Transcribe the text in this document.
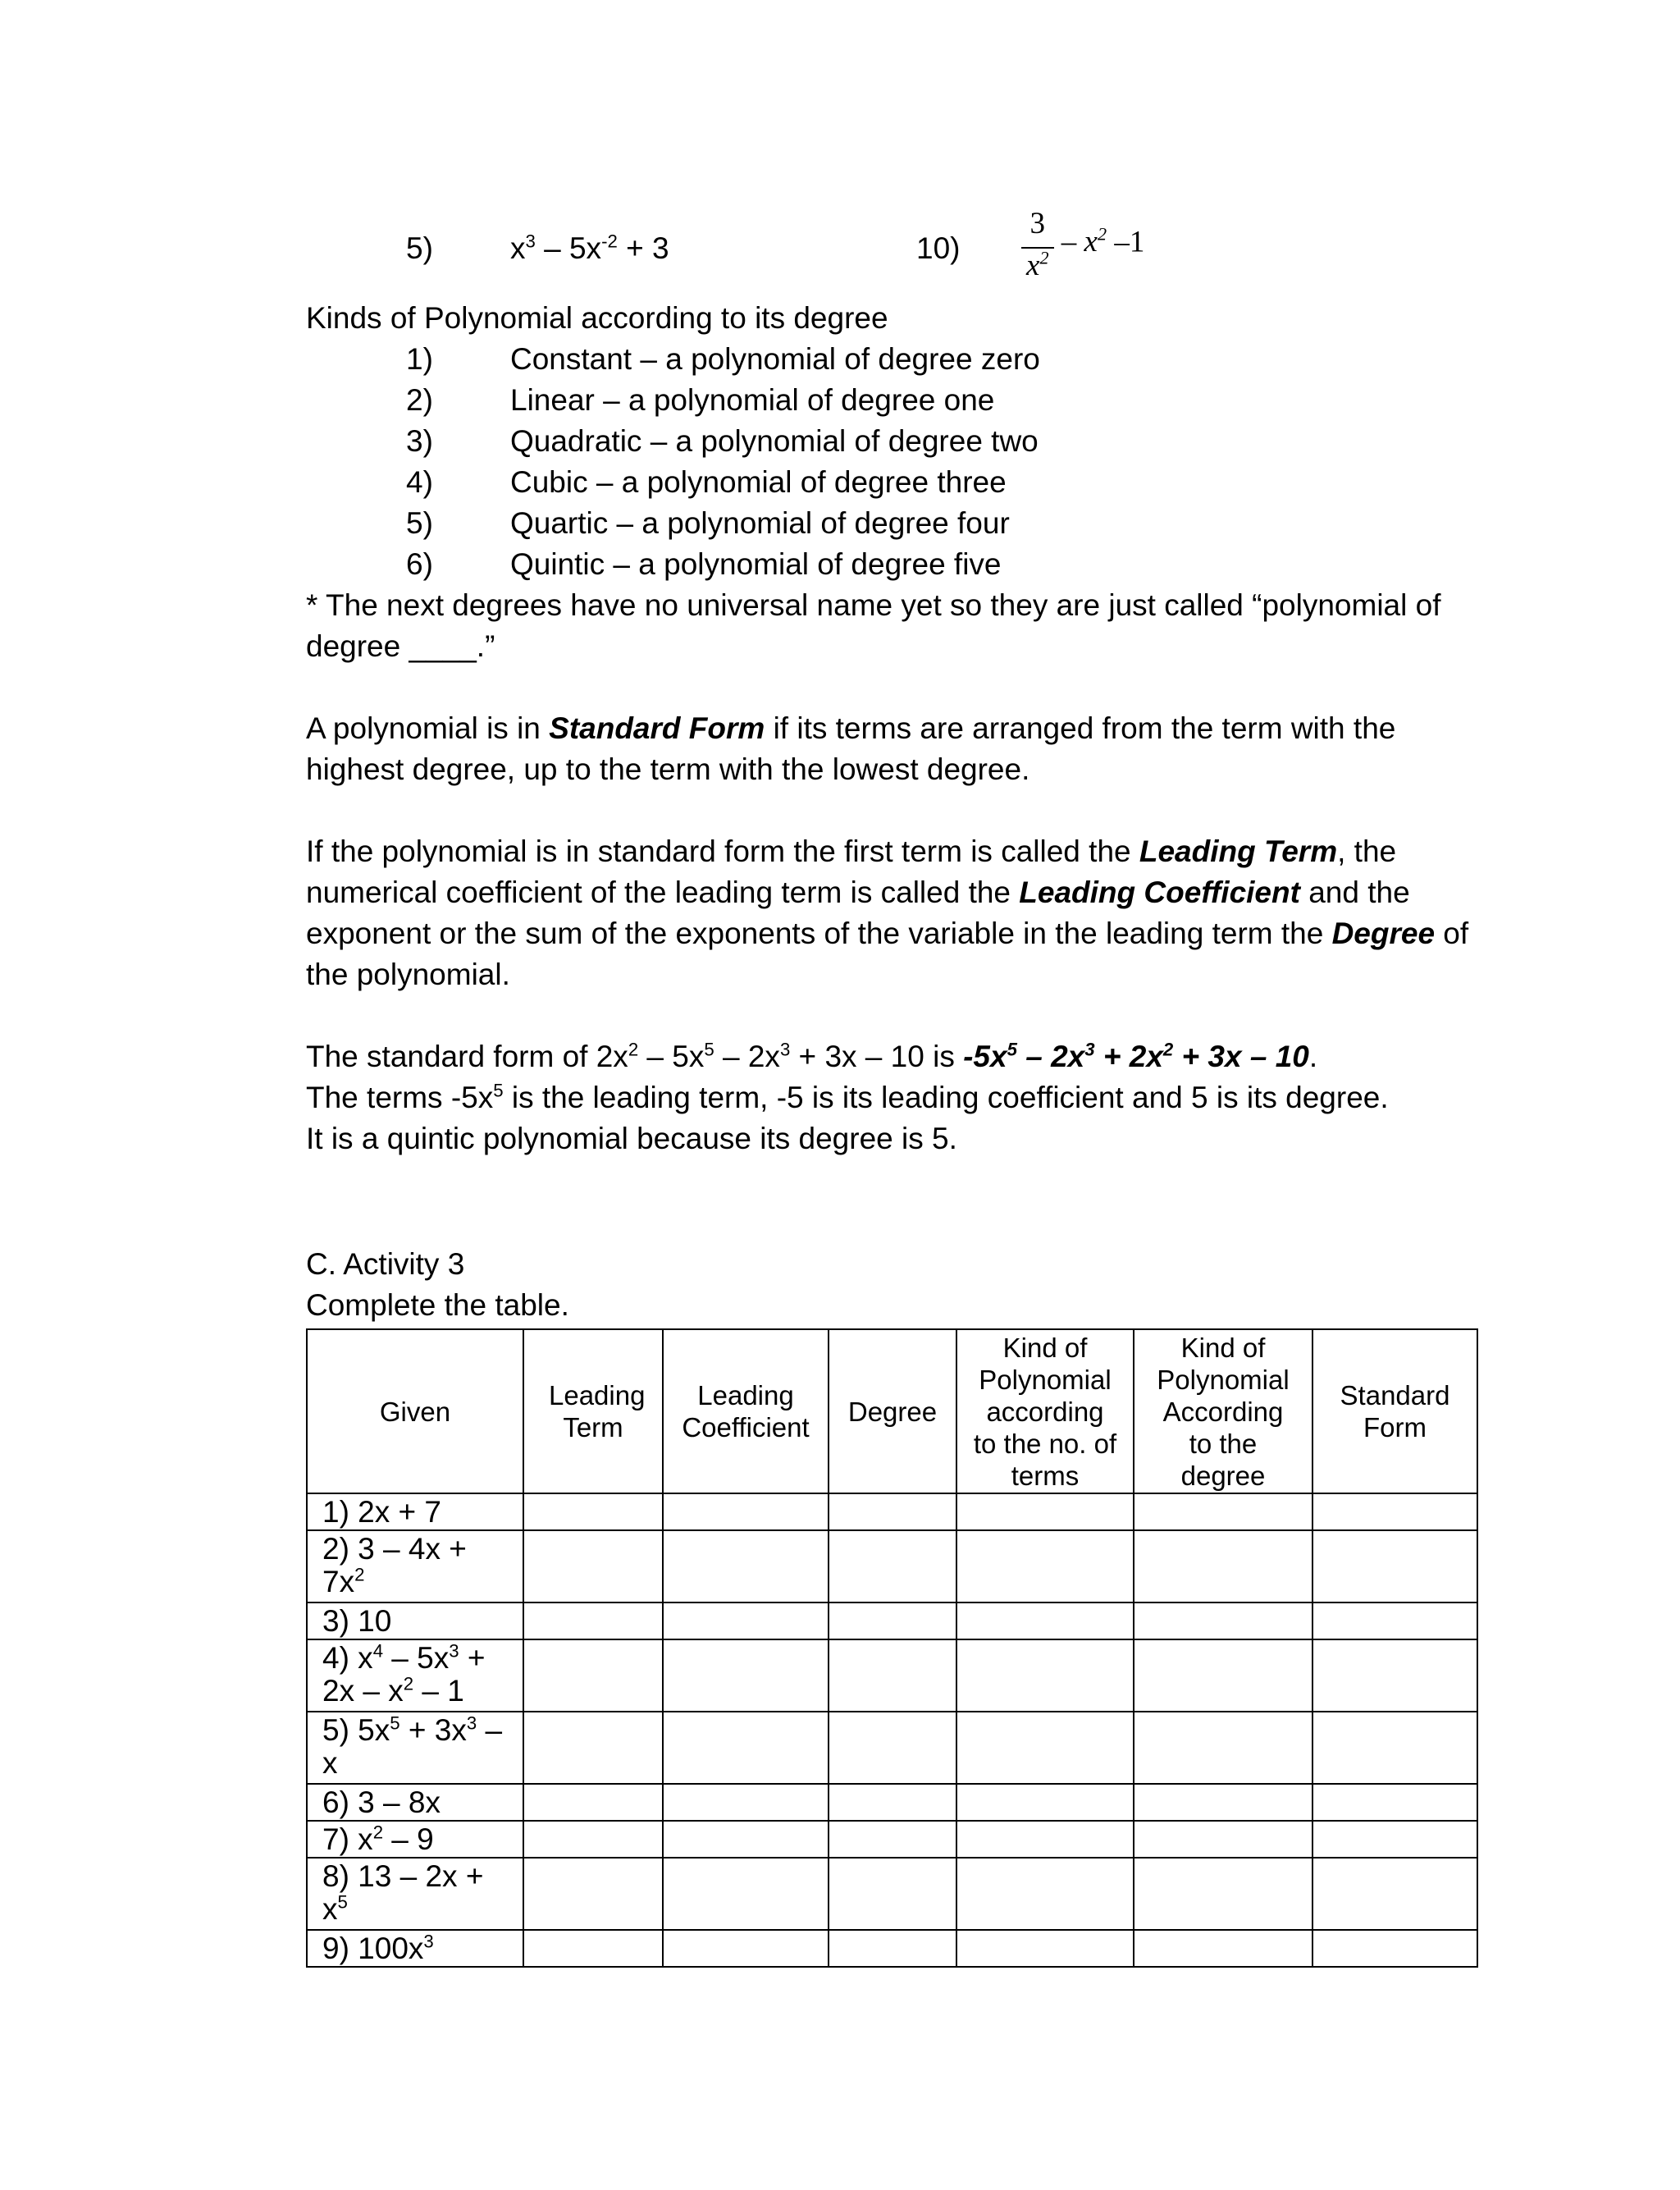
5)	$x^3 - 5x^{-2} + 3$	$10) \frac{3}{x^2} - x^2$ –1
Kinds of Polynomial according to its degree
1)	Constant – a polynomial of degree zero
2)	Linear – a polynomial of degree one
3)	Quadratic – a polynomial of degree two
4)	Cubic – a polynomial of degree three
5)	Quartic – a polynomial of degree four
6)	Quintic – a polynomial of degree five
* The next degrees have no universal name yet so they are just called “polynomial of
degree ____.”
A polynomial is in Standard Form if its terms are arranged from the term with the highest degree, up to the term with the lowest degree.
If the polynomial is in standard form the first term is called the Leading Term, the numerical coefficient of the leading term is called the Leading Coefficient and the exponent or the sum of the exponents of the variable in the leading term the Degree of the polynomial.
The standard form of $2x^2 - 5x^5 - 2x^3 + 3x - 10$ is $-5x^5 - 2x^3 + 2x^2 + 3x - 10$.
The terms $-5x^5$ is the leading term, -5 is its leading coefficient and 5 is its degree.
It is a quintic polynomial because its degree is 5.
C. Activity 3
Complete the table.
Given	Leading Term	Leading Coefficient	Degree	Kind of Polynomial according to the no. of terms	Kind of Polynomial According to the degree	Standard Form
1) 2x + 7						

2) $3 - 4x + 7x^2$

3) 10						

4) $x^4 - 5x^3 + 2x - x^2 - 1$						

5) $5x^5 + 3x^3 - x$						

6) 3 – 8x						
7) $x^2 - 9$						

8) $13 - 2x + x^5$

9) $100x^3$						
